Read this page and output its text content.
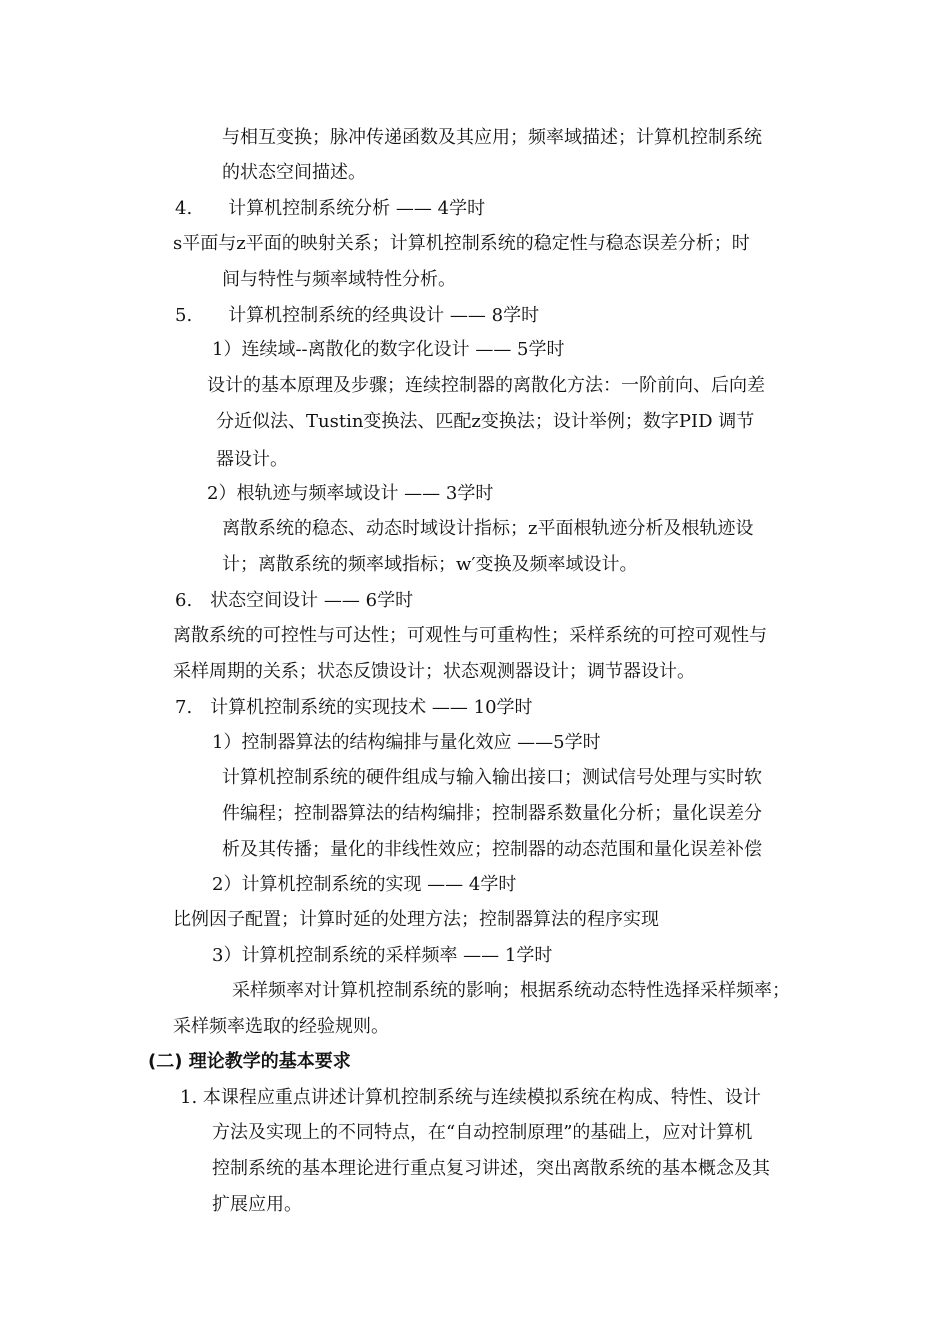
与相互变换；脉冲传递函数及其应用；频率域描述；计算机控制系统
的状态空间描述。
4.　　计算机控制系统分析 —— 4学时
s平面与z平面的映射关系；计算机控制系统的稳定性与稳态误差分析；时
间与特性与频率域特性分析。
5.　　计算机控制系统的经典设计 —— 8学时
1）连续域--离散化的数字化设计 —— 5学时
设计的基本原理及步骤；连续控制器的离散化方法：一阶前向、后向差
分近似法、Tustin变换法、匹配z变换法；设计举例；数字PID 调节
器设计。
2）根轨迹与频率域设计 —— 3学时
离散系统的稳态、动态时域设计指标；z平面根轨迹分析及根轨迹设
计；离散系统的频率域指标；w′变换及频率域设计。
6.　状态空间设计 —— 6学时
离散系统的可控性与可达性；可观性与可重构性；采样系统的可控可观性与
采样周期的关系；状态反馈设计；状态观测器设计；调节器设计。
7.　计算机控制系统的实现技术 —— 10学时
1）控制器算法的结构编排与量化效应 ——5学时
计算机控制系统的硬件组成与输入输出接口；测试信号处理与实时软
件编程；控制器算法的结构编排；控制器系数量化分析；量化误差分
析及其传播；量化的非线性效应；控制器的动态范围和量化误差补偿
2）计算机控制系统的实现 —— 4学时
比例因子配置；计算时延的处理方法；控制器算法的程序实现
3）计算机控制系统的采样频率 —— 1学时
采样频率对计算机控制系统的影响；根据系统动态特性选择采样频率；
采样频率选取的经验规则。
(二) 理论教学的基本要求
1. 本课程应重点讲述计算机控制系统与连续模拟系统在构成、特性、设计
方法及实现上的不同特点，在“自动控制原理”的基础上，应对计算机
控制系统的基本理论进行重点复习讲述，突出离散系统的基本概念及其
扩展应用。
